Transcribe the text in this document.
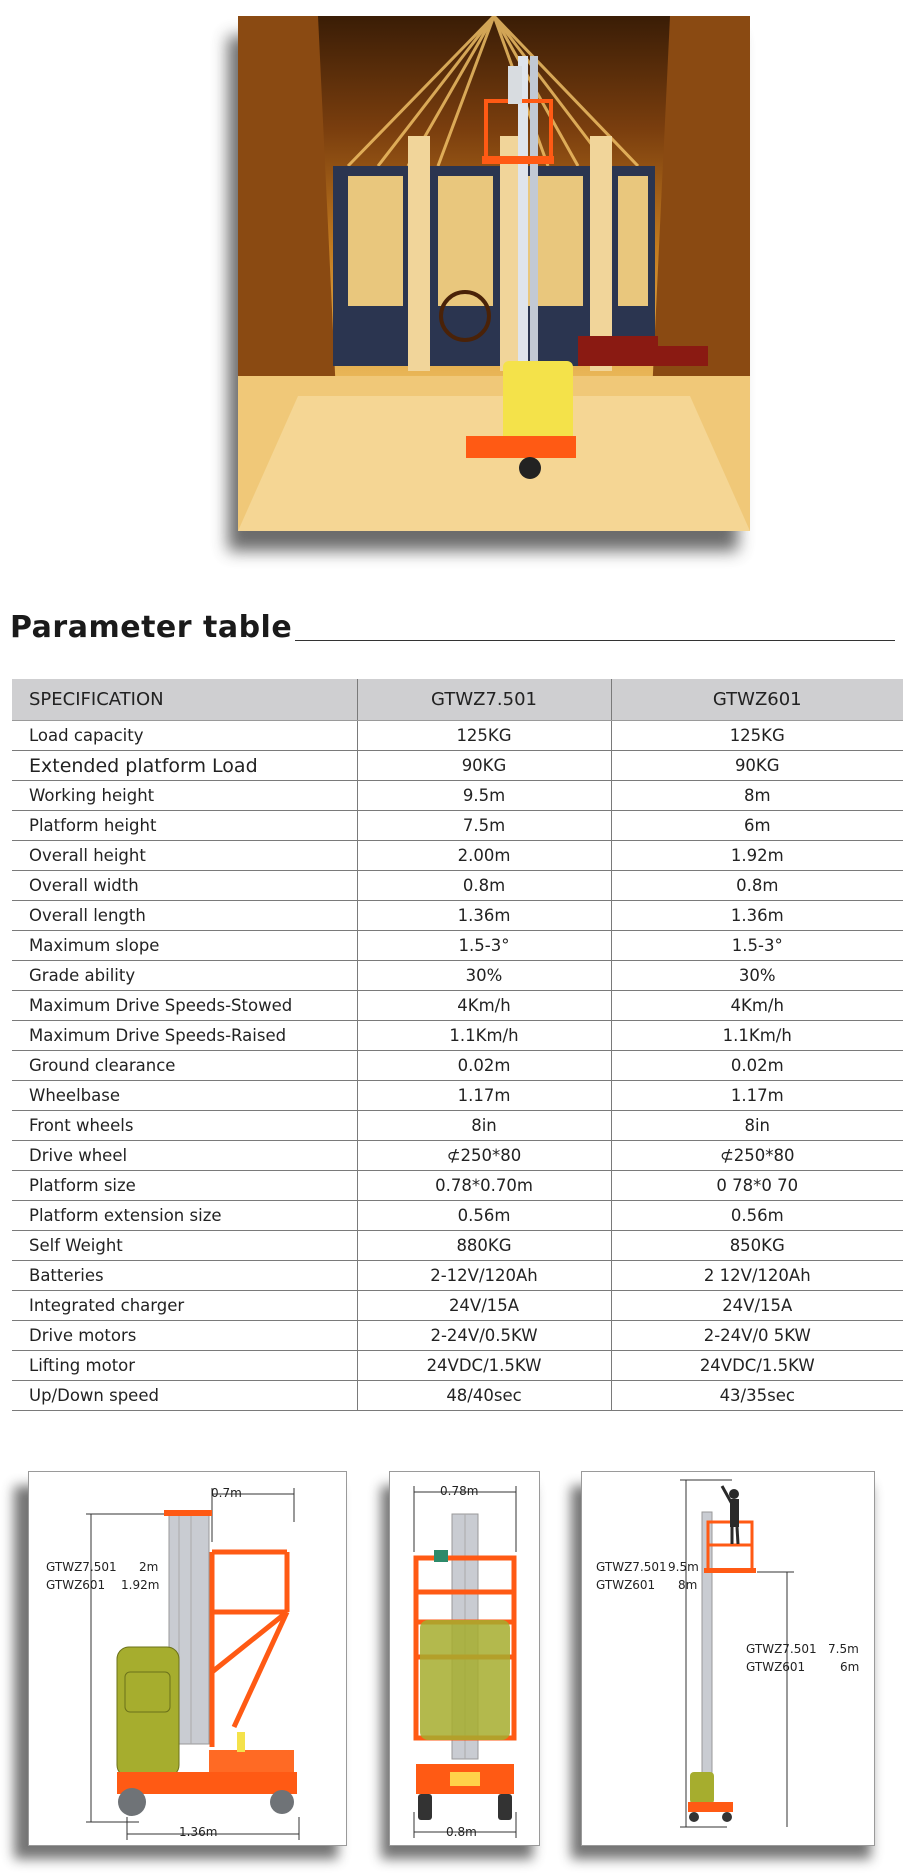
Parameter table
SPECIFICATION	GTWZ7.501	GTWZ601
Load capacity	125KG	125KG
Extended platform Load	90KG	90KG
Working height	9.5m	8m
Platform height	7.5m	6m
Overall height	2.00m	1.92m
Overall width	0.8m	0.8m
Overall length	1.36m	1.36m
Maximum slope	1.5-3°	1.5-3°
Grade ability	30%	30%
Maximum Drive Speeds-Stowed	4Km/h	4Km/h
Maximum Drive Speeds-Raised	1.1Km/h	1.1Km/h
Ground clearance	0.02m	0.02m
Wheelbase	1.17m	1.17m
Front wheels	8in	8in
Drive wheel	⊄250*80	⊄250*80
Platform size	0.78*0.70m	0 78*0 70
Platform extension size	0.56m	0.56m
Self Weight	880KG	850KG
Batteries	2-12V/120Ah	2 12V/120Ah
Integrated charger	24V/15A	24V/15A
Drive motors	2-24V/0.5KW	2-24V/0 5KW
Lifting motor	24VDC/1.5KW	24VDC/1.5KW
Up/Down speed	48/40sec	43/35sec
0.7m
1.36m
GTWZ7.501 2m
GTWZ601 1.92m
0.78m
0.8m
GTWZ7.501 9.5m
GTWZ601 8m
GTWZ7.501 7.5m
GTWZ601	6m
